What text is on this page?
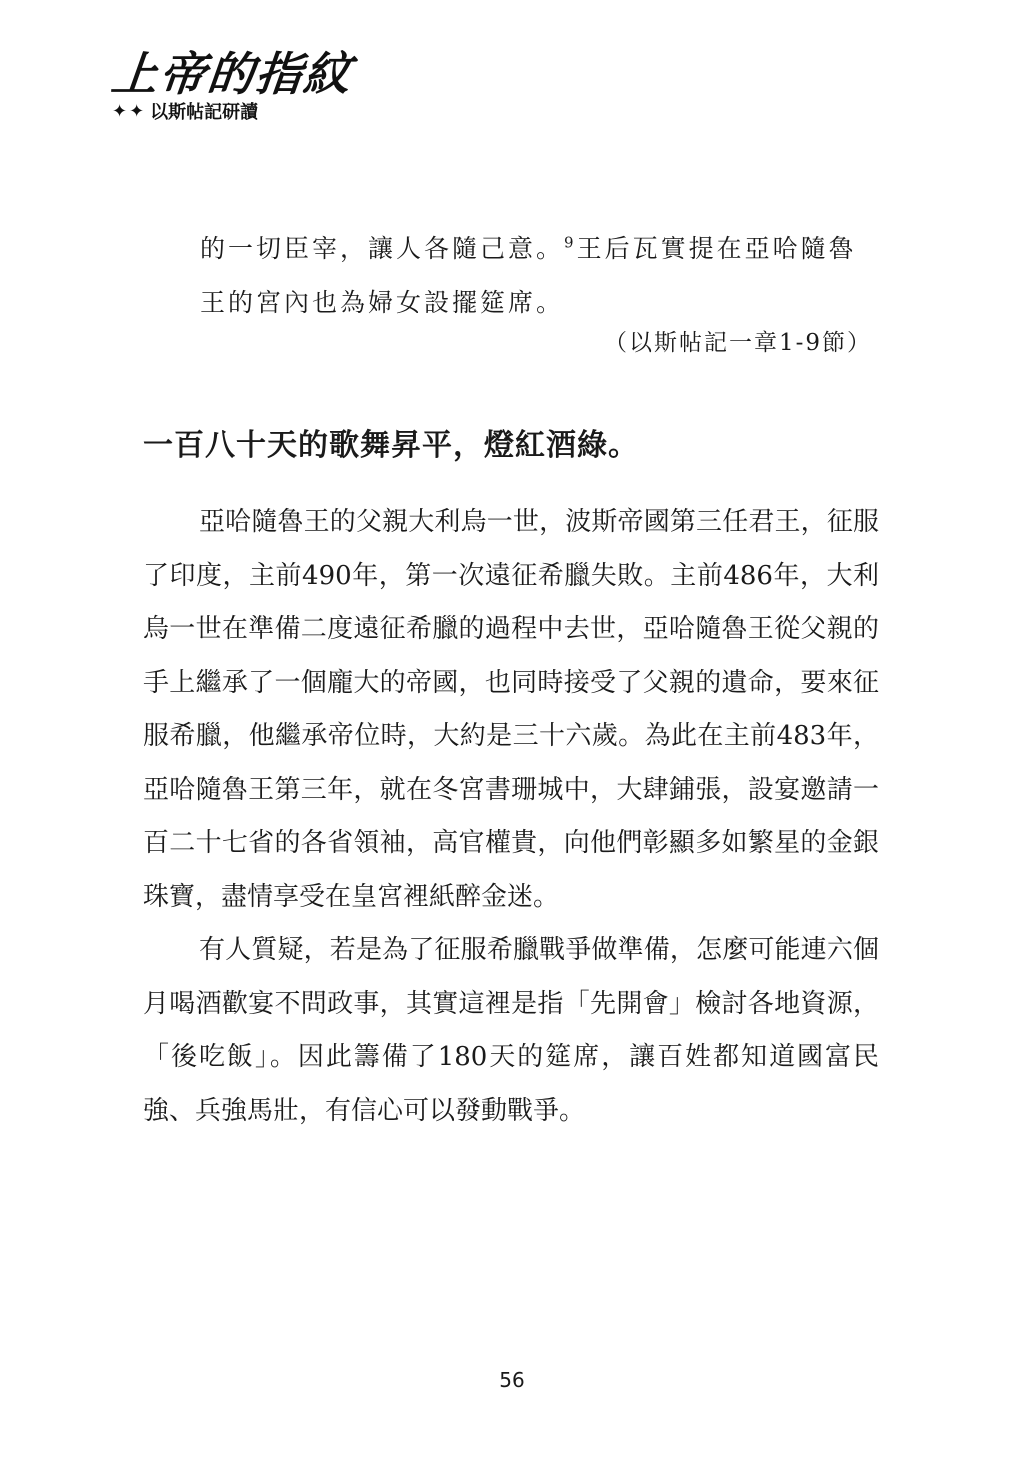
上帝的指紋
✦✦ 以斯帖記研讀

的一切臣宰，讓人各隨己意。$^9$王后瓦實提在亞哈隨魯

王的宮內也為婦女設擺筵席。

（以斯帖記一章1-9節）
一百八十天的歌舞昇平，燈紅酒綠。

亞哈隨魯王的父親大利烏一世，波斯帝國第三任君王，征服了印度，主前490年，第一次遠征希臘失敗。主前486年，大利烏一世在準備二度遠征希臘的過程中去世，亞哈隨魯王從父親的手上繼承了一個龐大的帝國，也同時接受了父親的遺命，要來征服希臘，他繼承帝位時，大約是三十六歲。為此在主前483年，亞哈隨魯王第三年，就在冬宮書珊城中，大肆鋪張，設宴邀請一百二十七省的各省領袖，高官權貴，向他們彰顯多如繁星的金銀珠寶，盡情享受在皇宮裡紙醉金迷。

有人質疑，若是為了征服希臘戰爭做準備，怎麼可能連六個月喝酒歡宴不問政事，其實這裡是指「先開會」檢討各地資源，「後吃飯」。因此籌備了180天的筵席，讓百姓都知道國富民強、兵強馬壯，有信心可以發動戰爭。

56
